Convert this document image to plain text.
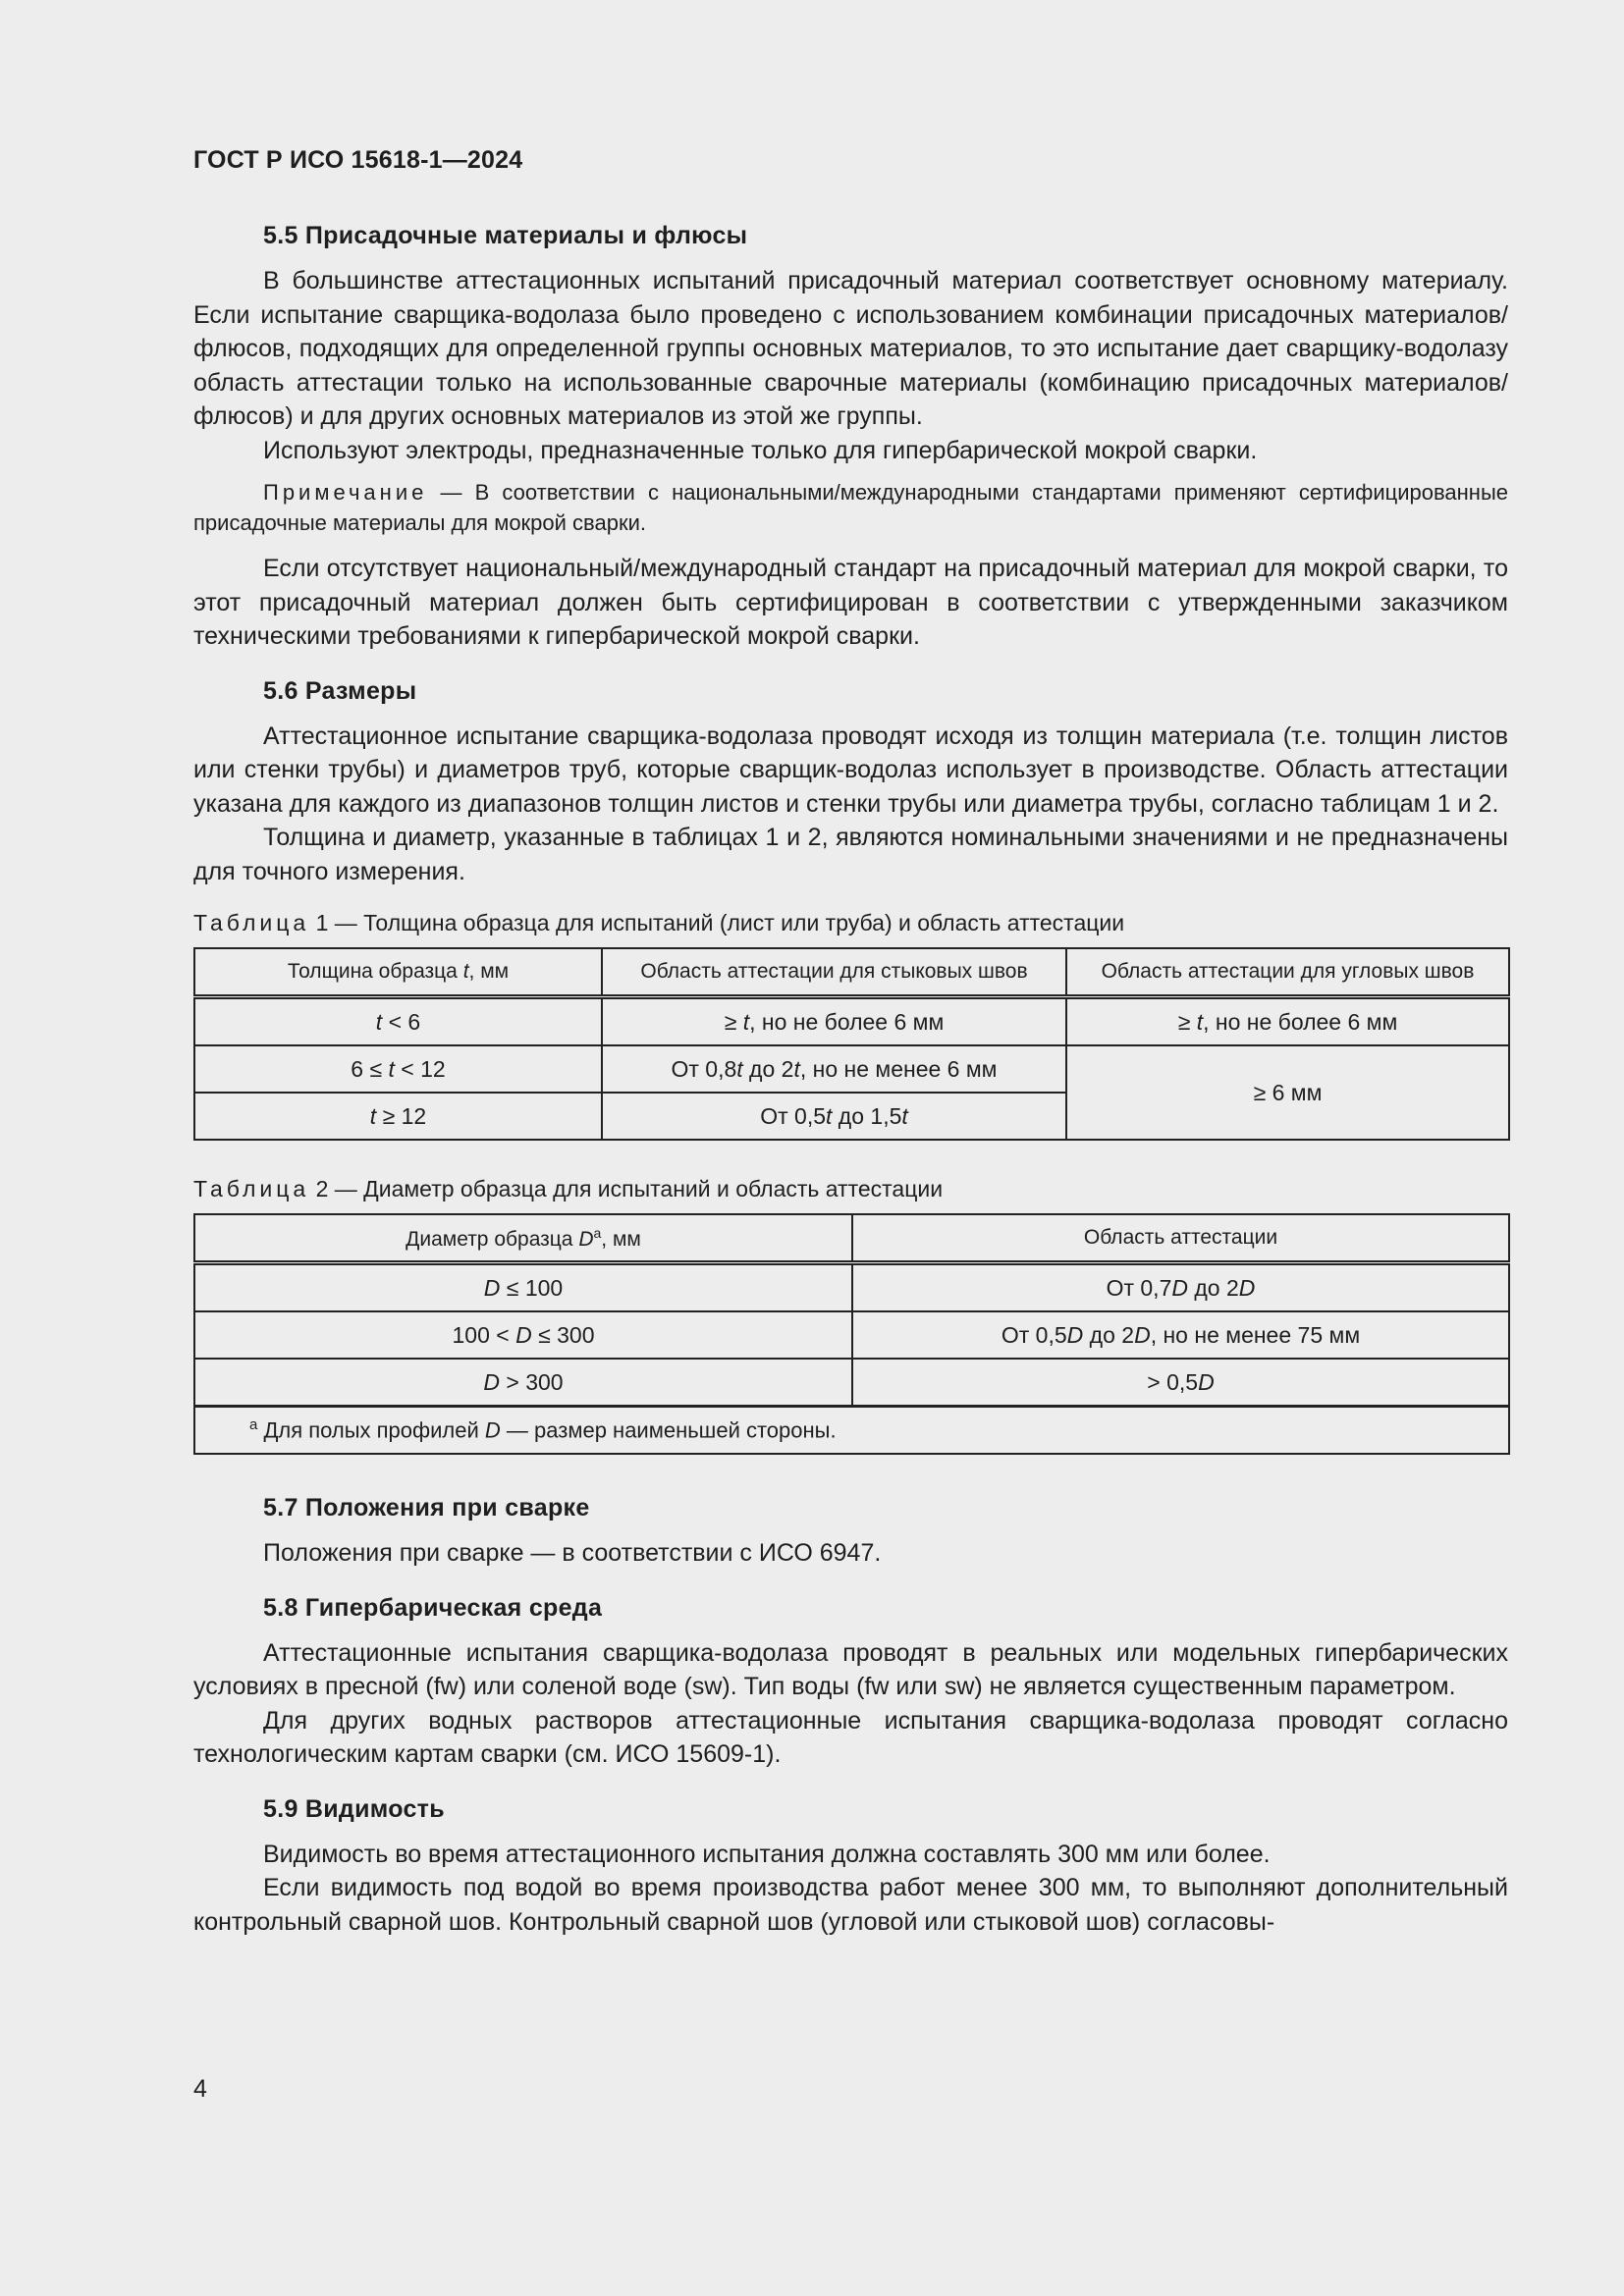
ГОСТ Р ИСО 15618-1—2024
5.5 Присадочные материалы и флюсы

В большинстве аттестационных испытаний присадочный материал соответствует основному материалу. Если испытание сварщика-водолаза было проведено с использованием комбинации присадочных материалов/флюсов, подходящих для определенной группы основных материалов, то это испытание дает сварщику-водолазу область аттестации только на использованные сварочные материалы (комбинацию присадочных материалов/флюсов) и для других основных материалов из этой же группы.

Используют электроды, предназначенные только для гипербарической мокрой сварки.

Примечание — В соответствии с национальными/международными стандартами применяют сертифицированные присадочные материалы для мокрой сварки.

Если отсутствует национальный/международный стандарт на присадочный материал для мокрой сварки, то этот присадочный материал должен быть сертифицирован в соответствии с утвержденными заказчиком техническими требованиями к гипербарической мокрой сварки.

5.6 Размеры

Аттестационное испытание сварщика-водолаза проводят исходя из толщин материала (т.е. толщин листов или стенки трубы) и диаметров труб, которые сварщик-водолаз использует в производстве. Область аттестации указана для каждого из диапазонов толщин листов и стенки трубы или диаметра трубы, согласно таблицам 1 и 2.

Толщина и диаметр, указанные в таблицах 1 и 2, являются номинальными значениями и не предназначены для точного измерения.

Таблица 1 — Толщина образца для испытаний (лист или труба) и область аттестации
Толщина образца t, мм	Область аттестации для стыковых швов	Область аттестации для угловых швов
t < 6	≥ t, но не более 6 мм	≥ t, но не более 6 мм
6 ≤ t < 12	От 0,8t до 2t, но не менее 6 мм	≥ 6 мм
t ≥ 12	От 0,5t до 1,5t	
Таблица 2 — Диаметр образца для испытаний и область аттестации
Диаметр образца $D^a$, мм	Область аттестации
D ≤ 100	От 0,7D до 2D
100 < D ≤ 300	От 0,5D до 2D, но не менее 75 мм
D > 300	> 0,5D
$^a$ Для полых профилей D — размер наименьшей стороны.	
5.7 Положения при сварке

Положения при сварке — в соответствии с ИСО 6947.

5.8 Гипербарическая среда

Аттестационные испытания сварщика-водолаза проводят в реальных или модельных гипербарических условиях в пресной (fw) или соленой воде (sw). Тип воды (fw или sw) не является существенным параметром.

Для других водных растворов аттестационные испытания сварщика-водолаза проводят согласно технологическим картам сварки (см. ИСО 15609-1).

5.9 Видимость

Видимость во время аттестационного испытания должна составлять 300 мм или более.

Если видимость под водой во время производства работ менее 300 мм, то выполняют дополнительный контрольный сварной шов. Контрольный сварной шов (угловой или стыковой шов) согласовы-

4
